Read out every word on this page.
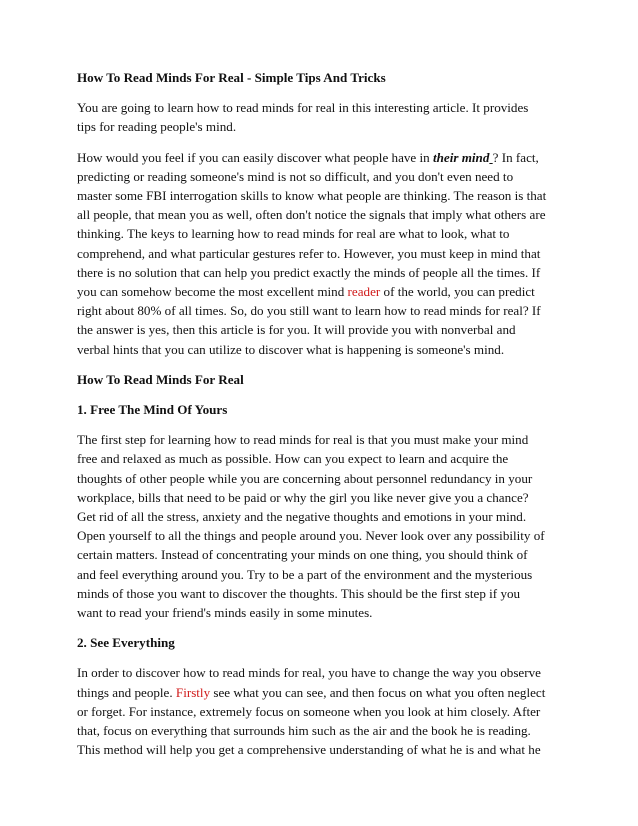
How To Read Minds For Real - Simple Tips And Tricks
You are going to learn how to read minds for real in this interesting article. It provides
tips for reading people's mind.
How would you feel if you can easily discover what people have in their mind ? In fact,
predicting or reading someone's mind is not so difficult, and you don't even need to
master some FBI interrogation skills to know what people are thinking. The reason is that
all people, that mean you as well, often don't notice the signals that imply what others are
thinking. The keys to learning how to read minds for real are what to look, what to
comprehend, and what particular gestures refer to. However, you must keep in mind that
there is no solution that can help you predict exactly the minds of people all the times. If
you can somehow become the most excellent mind reader of the world, you can predict
right about 80% of all times. So, do you still want to learn how to read minds for real? If
the answer is yes, then this article is for you. It will provide you with nonverbal and
verbal hints that you can utilize to discover what is happening is someone's mind.
How To Read Minds For Real
1. Free The Mind Of Yours
The first step for learning how to read minds for real is that you must make your mind
free and relaxed as much as possible. How can you expect to learn and acquire the
thoughts of other people while you are concerning about personnel redundancy in your
workplace, bills that need to be paid or why the girl you like never give you a chance?
Get rid of all the stress, anxiety and the negative thoughts and emotions in your mind.
Open yourself to all the things and people around you. Never look over any possibility of
certain matters. Instead of concentrating your minds on one thing, you should think of
and feel everything around you. Try to be a part of the environment and the mysterious
minds of those you want to discover the thoughts. This should be the first step if you
want to read your friend's minds easily in some minutes.
2. See Everything
In order to discover how to read minds for real, you have to change the way you observe
things and people. Firstly see what you can see, and then focus on what you often neglect
or forget. For instance, extremely focus on someone when you look at him closely. After
that, focus on everything that surrounds him such as the air and the book he is reading.
This method will help you get a comprehensive understanding of what he is and what he
